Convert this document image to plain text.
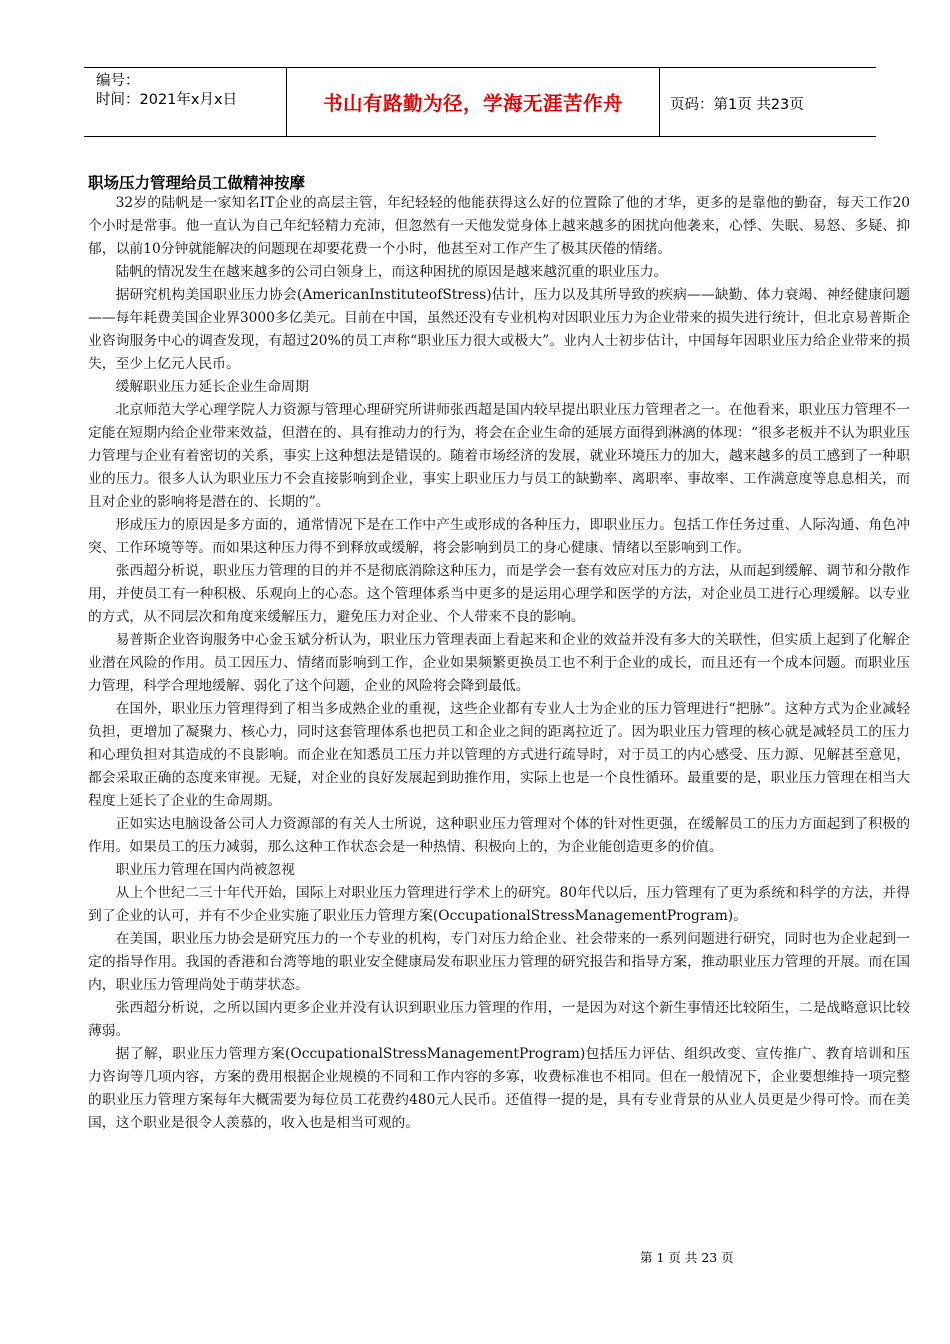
编号：
时间：2021年x月x日	书山有路勤为径，学海无涯苦作舟	页码：第1页 共23页
职场压力管理给员工做精神按摩

32岁的陆帆是一家知名IT企业的高层主管，年纪轻轻的他能获得这么好的位置除了他的才华，更多的是靠他的勤奋，每天工作20个小时是常事。他一直认为自己年纪轻精力充沛，但忽然有一天他发觉身体上越来越多的困扰向他袭来，心悸、失眠、易怒、多疑、抑郁，以前10分钟就能解决的问题现在却要花费一个小时，他甚至对工作产生了极其厌倦的情绪。

陆帆的情况发生在越来越多的公司白领身上，而这种困扰的原因是越来越沉重的职业压力。

据研究机构美国职业压力协会(AmericanInstituteofStress)估计，压力以及其所导致的疾病——缺勤、体力衰竭、神经健康问题——每年耗费美国企业界3000多亿美元。目前在中国，虽然还没有专业机构对因职业压力为企业带来的损失进行统计，但北京易普斯企业咨询服务中心的调查发现，有超过20%的员工声称“职业压力很大或极大”。业内人士初步估计，中国每年因职业压力给企业带来的损失，至少上亿元人民币。

缓解职业压力延长企业生命周期

北京师范大学心理学院人力资源与管理心理研究所讲师张西超是国内较早提出职业压力管理者之一。在他看来，职业压力管理不一定能在短期内给企业带来效益，但潜在的、具有推动力的行为，将会在企业生命的延展方面得到淋漓的体现：“很多老板并不认为职业压力管理与企业有着密切的关系，事实上这种想法是错误的。随着市场经济的发展，就业环境压力的加大，越来越多的员工感到了一种职业的压力。很多人认为职业压力不会直接影响到企业，事实上职业压力与员工的缺勤率、离职率、事故率、工作满意度等息息相关，而且对企业的影响将是潜在的、长期的”。

形成压力的原因是多方面的，通常情况下是在工作中产生或形成的各种压力，即职业压力。包括工作任务过重、人际沟通、角色冲突、工作环境等等。而如果这种压力得不到释放或缓解，将会影响到员工的身心健康、情绪以至影响到工作。

张西超分析说，职业压力管理的目的并不是彻底消除这种压力，而是学会一套有效应对压力的方法，从而起到缓解、调节和分散作用，并使员工有一种积极、乐观向上的心态。这个管理体系当中更多的是运用心理学和医学的方法，对企业员工进行心理缓解。以专业的方式，从不同层次和角度来缓解压力，避免压力对企业、个人带来不良的影响。

易普斯企业咨询服务中心金玉斌分析认为，职业压力管理表面上看起来和企业的效益并没有多大的关联性，但实质上起到了化解企业潜在风险的作用。员工因压力、情绪而影响到工作，企业如果频繁更换员工也不利于企业的成长，而且还有一个成本问题。而职业压力管理，科学合理地缓解、弱化了这个问题，企业的风险将会降到最低。

在国外，职业压力管理得到了相当多成熟企业的重视，这些企业都有专业人士为企业的压力管理进行“把脉”。这种方式为企业减轻负担，更增加了凝聚力、核心力，同时这套管理体系也把员工和企业之间的距离拉近了。因为职业压力管理的核心就是减轻员工的压力和心理负担对其造成的不良影响。而企业在知悉员工压力并以管理的方式进行疏导时，对于员工的内心感受、压力源、见解甚至意见，都会采取正确的态度来审视。无疑，对企业的良好发展起到助推作用，实际上也是一个良性循环。最重要的是，职业压力管理在相当大程度上延长了企业的生命周期。

正如实达电脑设备公司人力资源部的有关人士所说，这种职业压力管理对个体的针对性更强，在缓解员工的压力方面起到了积极的作用。如果员工的压力减弱，那么这种工作状态会是一种热情、积极向上的，为企业能创造更多的价值。

职业压力管理在国内尚被忽视

从上个世纪二三十年代开始，国际上对职业压力管理进行学术上的研究。80年代以后，压力管理有了更为系统和科学的方法，并得到了企业的认可，并有不少企业实施了职业压力管理方案(OccupationalStressManagementProgram)。

在美国，职业压力协会是研究压力的一个专业的机构，专门对压力给企业、社会带来的一系列问题进行研究，同时也为企业起到一定的指导作用。我国的香港和台湾等地的职业安全健康局发布职业压力管理的研究报告和指导方案，推动职业压力管理的开展。而在国内，职业压力管理尚处于萌芽状态。

张西超分析说，之所以国内更多企业并没有认识到职业压力管理的作用，一是因为对这个新生事情还比较陌生，二是战略意识比较薄弱。

据了解，职业压力管理方案(OccupationalStressManagementProgram)包括压力评估、组织改变、宣传推广、教育培训和压力咨询等几项内容，方案的费用根据企业规模的不同和工作内容的多寡，收费标准也不相同。但在一般情况下，企业要想维持一项完整的职业压力管理方案每年大概需要为每位员工花费约480元人民币。还值得一提的是，具有专业背景的从业人员更是少得可怜。而在美国，这个职业是很令人羡慕的，收入也是相当可观的。

第 1 页 共 23 页
